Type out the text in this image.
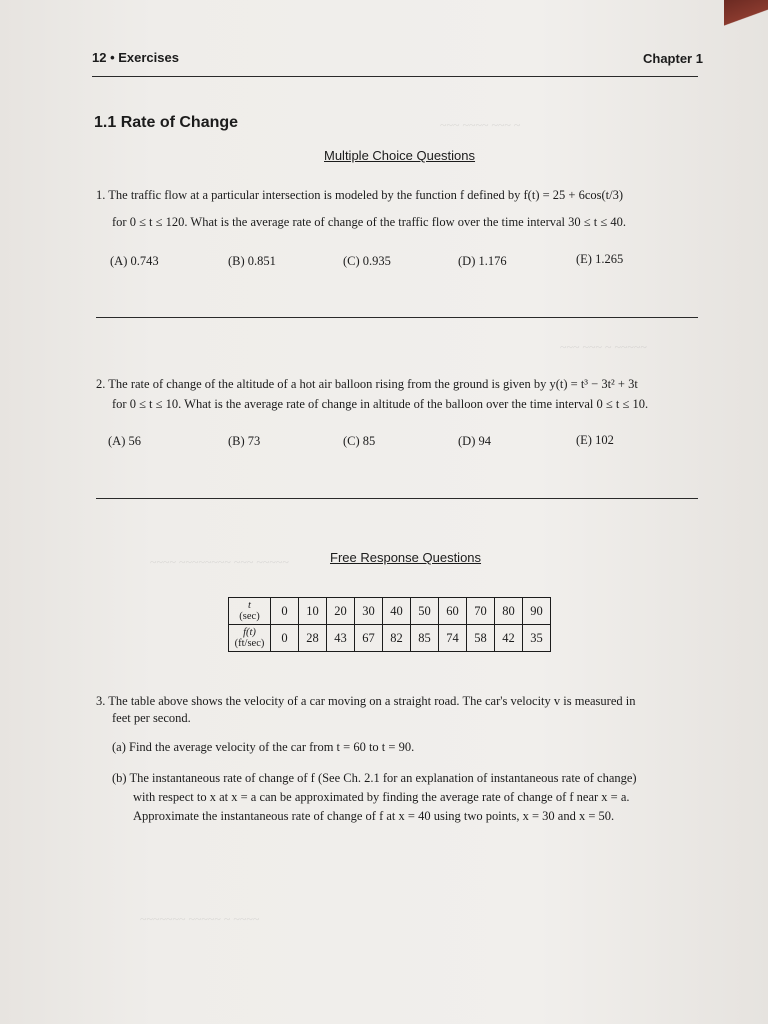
~~~ ~~~~ ~~~ ~
~~~ ~~~ ~ ~~~~~
~~~~ ~~~~~~~~ ~~~ ~~~~~
~~~~~~~ ~~~~~ ~ ~~~~
12 • Exercises	Chapter 1
1.1 Rate of Change
Multiple Choice Questions
1. The traffic flow at a particular intersection is modeled by the function f defined by f(t) = 25 + 6cos(t/3)
for 0 ≤ t ≤ 120. What is the average rate of change of the traffic flow over the time interval 30 ≤ t ≤ 40.
(A) 0.743	(B) 0.851	(C) 0.935	(D) 1.176	(E) 1.265
2. The rate of change of the altitude of a hot air balloon rising from the ground is given by y(t) = t³ − 3t² + 3t
for 0 ≤ t ≤ 10. What is the average rate of change in altitude of the balloon over the time interval 0 ≤ t ≤ 10.
(A) 56	(B) 73	(C) 85	(D) 94	(E) 102
Free Response Questions
t
(sec)	0	10	20	30	40	50	60	70	80	90
f(t)
(ft/sec)	0	28	43	67	82	85	74	58	42	35
3. The table above shows the velocity of a car moving on a straight road. The car's velocity v is measured in
feet per second.
(a) Find the average velocity of the car from t = 60 to t = 90.
(b) The instantaneous rate of change of f (See Ch. 2.1 for an explanation of instantaneous rate of change)
with respect to x at x = a can be approximated by finding the average rate of change of f near x = a.
Approximate the instantaneous rate of change of f at x = 40 using two points, x = 30 and x = 50.
